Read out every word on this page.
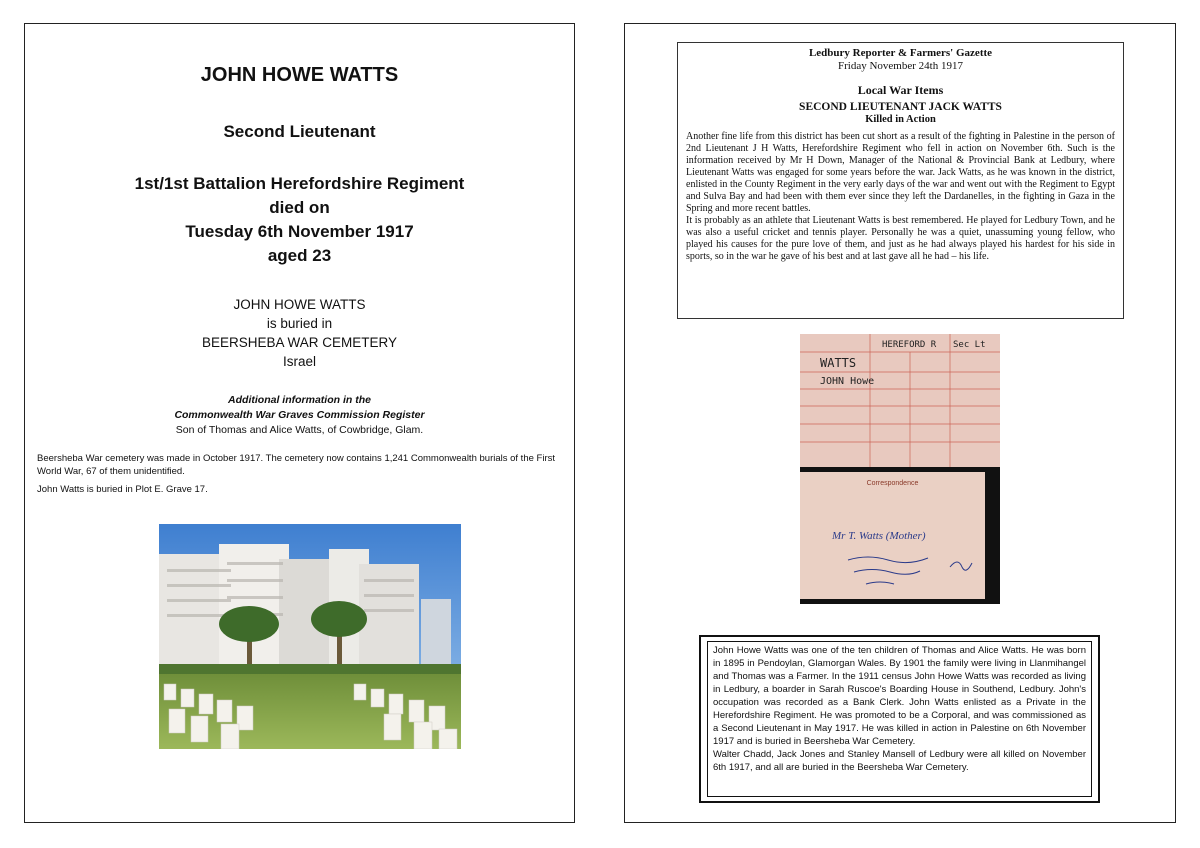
JOHN HOWE WATTS
Second Lieutenant
1st/1st Battalion Herefordshire Regiment
died on
Tuesday 6th November 1917
aged 23
JOHN HOWE WATTS
is buried in
BEERSHEBA WAR CEMETERY
Israel
Additional information in the
Commonwealth War Graves Commission Register
Son of Thomas and Alice Watts, of Cowbridge, Glam.

Beersheba War cemetery was made in October 1917. The cemetery now contains 1,241 Commonwealth burials of the First World War, 67 of them unidentified.

John Watts is buried in Plot E. Grave 17.

Ledbury Reporter & Farmers' Gazette
Friday November 24th 1917
Local War Items
SECOND LIEUTENANT JACK WATTS
Killed in Action

Another fine life from this district has been cut short as a result of the fighting in Palestine in the person of 2nd Lieutenant J H Watts, Herefordshire Regiment who fell in action on November 6th. Such is the information received by Mr H Down, Manager of the National & Provincial Bank at Ledbury, where Lieutenant Watts was engaged for some years before the war. Jack Watts, as he was known in the district, enlisted in the County Regiment in the very early days of the war and went out with the Regiment to Egypt and Sulva Bay and had been with them ever since they left the Dardanelles, in the fighting in Gaza in the Spring and more recent battles.

It is probably as an athlete that Lieutenant Watts is best remembered. He played for Ledbury Town, and he was also a useful cricket and tennis player. Personally he was a quiet, unassuming young fellow, who played his causes for the pure love of them, and just as he had always played his hardest for his side in sports, so in the war he gave of his best and at last gave all he had – his life.

WATTS
JOHN Howe
HEREFORD R Sec Lt
Correspondence
Mr T. Watts (Mother)

John Howe Watts was one of the ten children of Thomas and Alice Watts. He was born in 1895 in Pendoylan, Glamorgan Wales. By 1901 the family were living in Llanmihangel and Thomas was a Farmer. In the 1911 census John Howe Watts was recorded as living in Ledbury, a boarder in Sarah Ruscoe's Boarding House in Southend, Ledbury. John's occupation was recorded as a Bank Clerk. John Watts enlisted as a Private in the Herefordshire Regiment. He was promoted to be a Corporal, and was commissioned as a Second Lieutenant in May 1917. He was killed in action in Palestine on 6th November 1917 and is buried in Beersheba War Cemetery.

Walter Chadd, Jack Jones and Stanley Mansell of Ledbury were all killed on November 6th 1917, and all are buried in the Beersheba War Cemetery.
